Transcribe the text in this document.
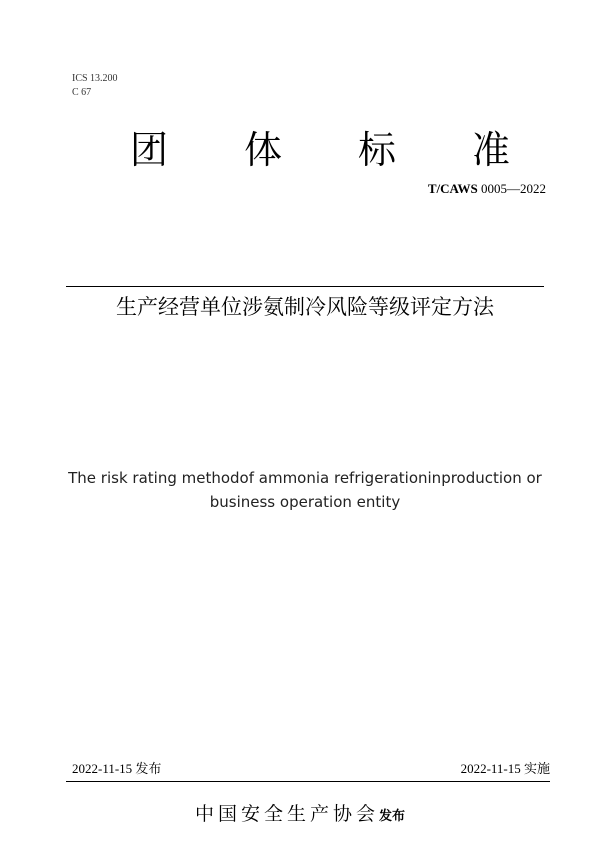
ICS 13.200
C 67
团 体 标 准
T/CAWS 0005—2022
生产经营单位涉氨制冷风险等级评定方法
The risk rating methodof ammonia refrigerationinproduction or
business operation entity
2022-11-15 发布	2022-11-15 实施
中国安全生产协会发布
